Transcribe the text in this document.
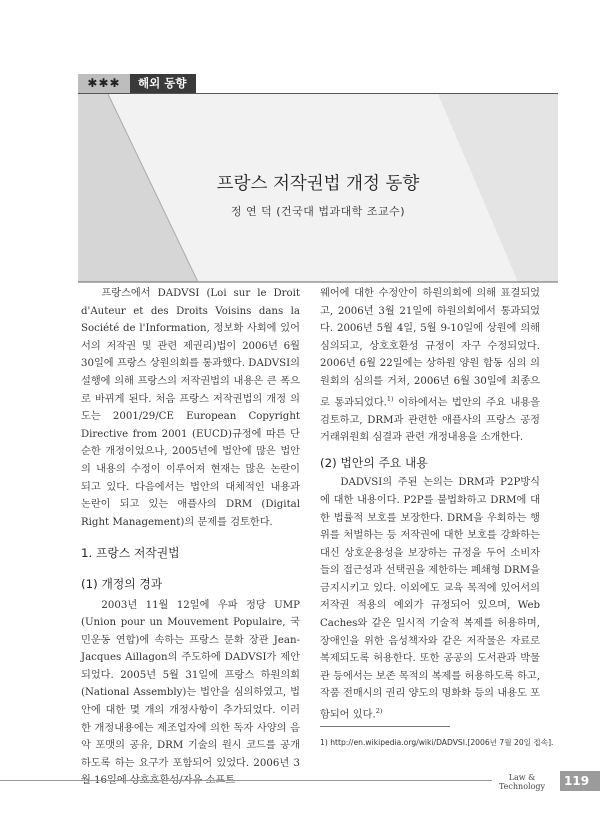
✱✱✱	해외 동향
프랑스 저작권법 개정 동향
정 연 덕 (건국대 법과대학 조교수)

프랑스에서 DADVSI (Loi sur le Droit d'Auteur et des Droits Voisins dans la Société de l'Information, 정보화 사회에 있어서의 저작권 및 관련 제권리)법이 2006년 6월 30일에 프랑스 상원의회를 통과했다. DADVSI의 설행에 의해 프랑스의 저작권법의 내용은 큰 폭으로 바뀌게 된다. 처음 프랑스 저작권법의 개정 의도는 2001/29/CE European Copyright Directive from 2001 (EUCD)규정에 따른 단순한 개정이었으나, 2005년에 법안에 많은 법안의 내용의 수정이 이루어져 현재는 많은 논란이 되고 있다. 다음에서는 법안의 대체적인 내용과 논란이 되고 있는 애플사의 DRM (Digital Right Management)의 문제를 검토한다.

1. 프랑스 저작권법
(1) 개정의 경과

2003년 11월 12일에 우파 정당 UMP (Union pour un Mouvement Populaire, 국민운동 연합)에 속하는 프랑스 문화 장관 Jean-Jacques Aillagon의 주도하에 DADVSI가 제안되었다. 2005년 5월 31일에 프랑스 하원의회(National Assembly)는 법안을 심의하였고, 법안에 대한 몇 개의 개정사항이 추가되었다. 이러한 개정내용에는 제조업자에 의한 독자 사양의 음악 포맷의 공유, DRM 기술의 원시 코드를 공개하도록 하는 요구가 포함되어 있었다. 2006년 3

웨어에 대한 수정안이 하원의회에 의해 표결되었고, 2006년 3월 21일에 하원의회에서 통과되었다. 2006년 5월 4일, 5월 9-10일에 상원에 의해 심의되고, 상호호환성 규정이 자구 수정되었다. 2006년 6월 22일에는 상하원 양원 합동 심의 의원회의 심의를 거쳐, 2006년 6월 30일에 최종으로 통과되었다.$^{1)}$ 이하에서는 법안의 주요 내용을 검토하고, DRM과 관련한 애플사의 프랑스 공정거래위원회 심결과 관련 개정내용을 소개한다.

(2) 법안의 주요 내용

DADVSI의 주된 논의는 DRM과 P2P방식에 대한 내용이다. P2P를 불법화하고 DRM에 대한 법률적 보호를 보장한다. DRM을 우회하는 행위를 처벌하는 등 저작권에 대한 보호를 강화하는 대신 상호운용성을 보장하는 규정을 두어 소비자들의 접근성과 선택권을 제한하는 폐쇄형 DRM을 금지시키고 있다. 이외에도 교육 목적에 있어서의 저작권 적용의 예외가 규정되어 있으며, Web Caches와 같은 일시적 기술적 복제를 허용하며, 장애인을 위한 음성책자와 같은 저작물은 자료로 복제되도록 허용한다. 또한 공공의 도서관과 박물관 등에서는 보존 목적의 복제를 허용하도록 하고, 작품 전매시의 권리 양도의 명화화 등의 내용도 포함되어 있다.$^{2)}$

1) http://en.wikipedia.org/wiki/DADVSI.[2006년 7월 20일 접속].
Law & Technology	119
